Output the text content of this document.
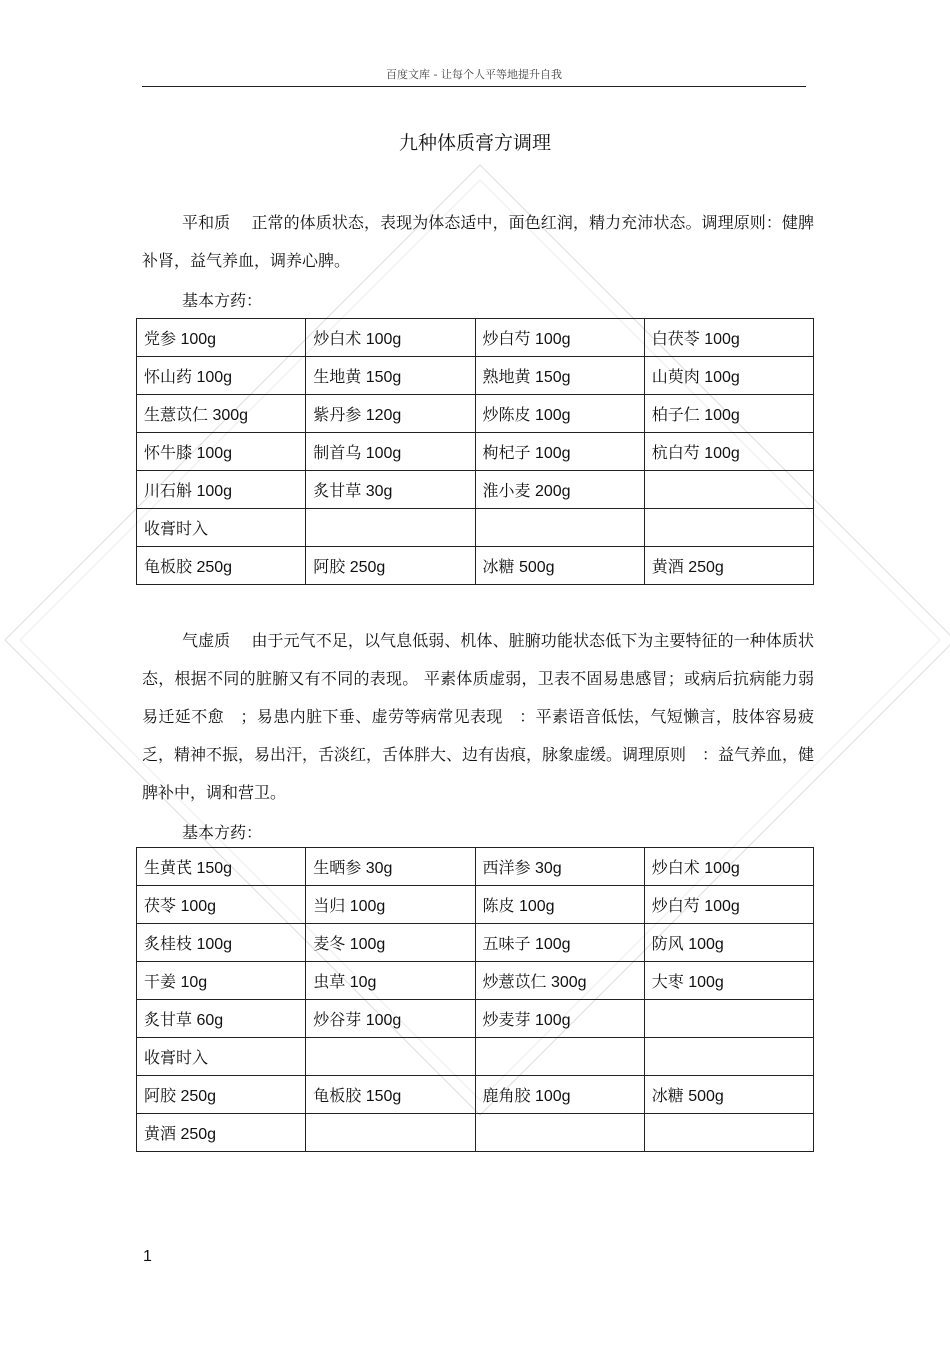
百度文库 - 让每个人平等地提升自我
九种体质膏方调理

平和质　 正常的体质状态，表现为体态适中，面色红润，精力充沛状态。调理原则：健脾补肾，益气养血，调养心脾。

基本方药：
党参 100g	炒白术 100g	炒白芍 100g	白茯苓 100g
怀山药 100g	生地黄 150g	熟地黄 150g	山萸肉 100g
生薏苡仁 300g	紫丹参 120g	炒陈皮 100g	柏子仁 100g
怀牛膝 100g	制首乌 100g	枸杞子 100g	杭白芍 100g
川石斛 100g	炙甘草 30g	淮小麦 200g	
收膏时入			
龟板胶 250g	阿胶 250g	冰糖 500g	黄酒 250g

气虚质　 由于元气不足，以气息低弱、机体、脏腑功能状态低下为主要特征的一种体质状态，根据不同的脏腑又有不同的表现。 平素体质虚弱，卫表不固易患感冒；或病后抗病能力弱易迁延不愈　；易患内脏下垂、虚劳等病常见表现　：平素语音低怯，气短懒言，肢体容易疲乏，精神不振，易出汗，舌淡红，舌体胖大、边有齿痕，脉象虚缓。调理原则　：益气养血，健脾补中，调和营卫。

基本方药：
生黄芪 150g	生晒参 30g	西洋参 30g	炒白术 100g
茯苓 100g	当归 100g	陈皮 100g	炒白芍 100g
炙桂枝 100g	麦冬 100g	五味子 100g	防风 100g
干姜 10g	虫草 10g	炒薏苡仁 300g	大枣 100g
炙甘草 60g	炒谷芽 100g	炒麦芽 100g	
收膏时入			
阿胶 250g	龟板胶 150g	鹿角胶 100g	冰糖 500g
黄酒 250g			
1
